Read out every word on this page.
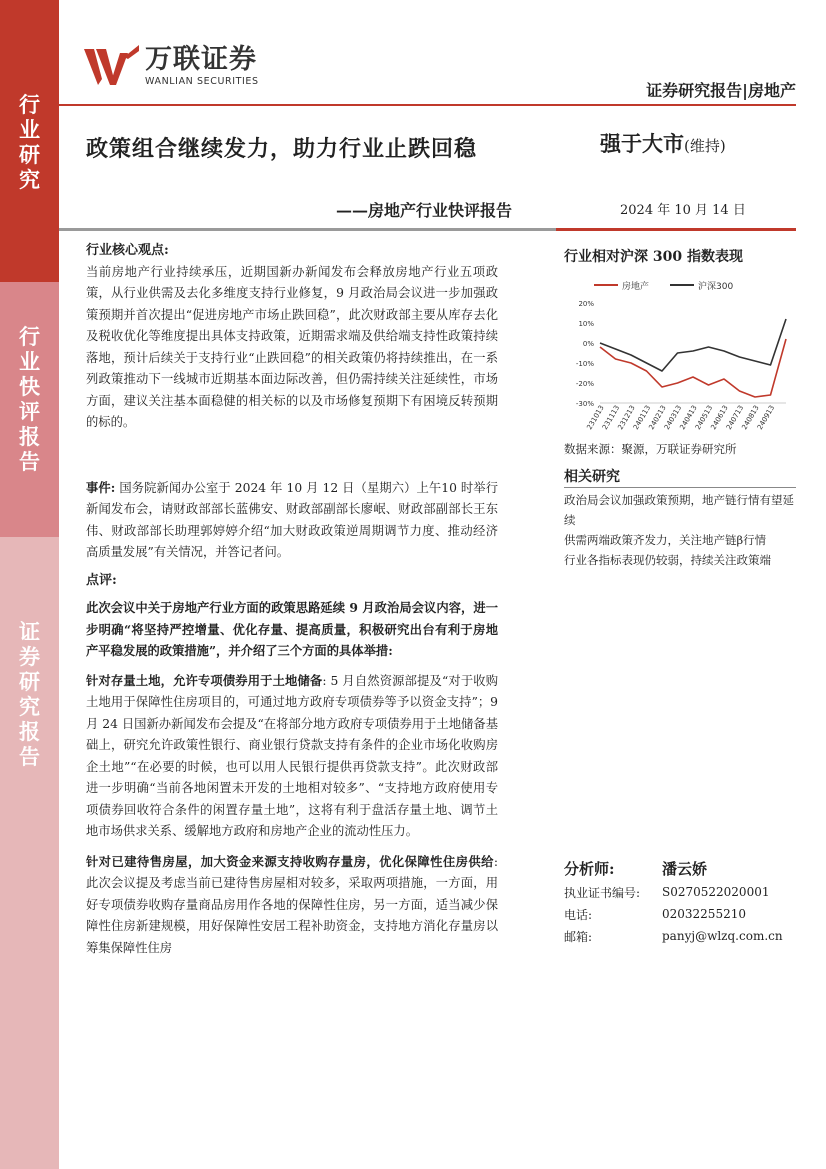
行
业
研
究
行
业
快
评
报
告
证
券
研
究
报
告
万联证券
WANLIAN SECURITIES	证券研究报告|房地产
政策组合继续发力，助力行业止跌回稳
——房地产行业快评报告
强于大市(维持)
2024 年 10 月 14 日
行业核心观点:

当前房地产行业持续承压，近期国新办新闻发布会释放房地产行业五项政策，从行业供需及去化多维度支持行业修复，9 月政治局会议进一步加强政策预期并首次提出“促进房地产市场止跌回稳”，此次财政部主要从库存去化及税收优化等维度提出具体支持政策，近期需求端及供给端支持性政策持续落地，预计后续关于支持行业“止跌回稳”的相关政策仍将持续推出，在一系列政策推动下一线城市近期基本面边际改善，但仍需持续关注延续性，市场方面，建议关注基本面稳健的相关标的以及市场修复预期下有困境反转预期的标的。

事件: 国务院新闻办公室于 2024 年 10 月 12 日（星期六）上午10 时举行新闻发布会，请财政部部长蓝佛安、财政部副部长廖岷、财政部副部长王东伟、财政部部长助理郭婷婷介绍“加大财政政策逆周期调节力度、推动经济高质量发展”有关情况，并答记者问。

点评:

此次会议中关于房地产行业方面的政策思路延续 9 月政治局会议内容，进一步明确“将坚持严控增量、优化存量、提高质量，积极研究出台有利于房地产平稳发展的政策措施”，并介绍了三个方面的具体举措:

针对存量土地，允许专项债券用于土地储备: 5 月自然资源部提及“对于收购土地用于保障性住房项目的，可通过地方政府专项债券等予以资金支持”；9 月 24 日国新办新闻发布会提及“在将部分地方政府专项债券用于土地储备基础上，研究允许政策性银行、商业银行贷款支持有条件的企业市场化收购房企土地”“在必要的时候，也可以用人民银行提供再贷款支持”。此次财政部进一步明确“当前各地闲置未开发的土地相对较多”、“支持地方政府使用专项债券回收符合条件的闲置存量土地”，这将有利于盘活存量土地、调节土地市场供求关系、缓解地方政府和房地产企业的流动性压力。

针对已建待售房屋，加大资金来源支持收购存量房，优化保障性住房供给: 此次会议提及考虑当前已建待售房屋相对较多，采取两项措施，一方面，用好专项债券收购存量商品房用作各地的保障性住房，另一方面，适当减少保障性住房新建规模，用好保障性安居工程补助资金，支持地方消化存量房以筹集保障性住房

行业相对沪深 300 指数表现
房地产	沪深300
20%
10%
0%
-10%
-20%
-30%
231013
231113
231213
240113
240213
240313
240413
240513
240613
240713
240813
240913
数据来源：聚源，万联证券研究所
相关研究
政治局会议加强政策预期，地产链行情有望延续
供需两端政策齐发力，关注地产链β行情
行业各指标表现仍较弱，持续关注政策端
分析师:	潘云娇
执业证书编号:	S0270522020001
电话:	02032255210
邮箱:	panyj@wlzq.com.cn
